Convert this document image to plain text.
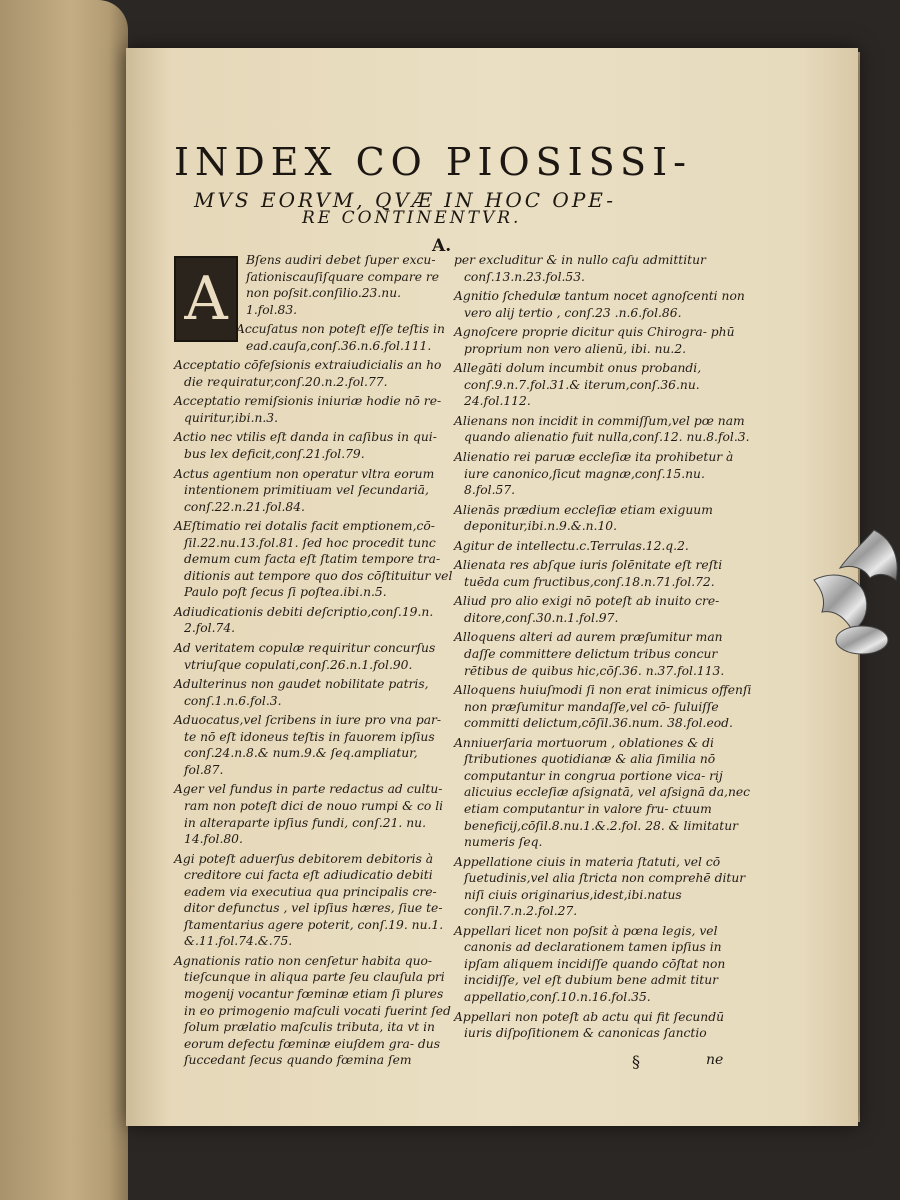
INDEX CO PIOSISSI-
MVS EORVM, QVÆ IN HOC OPE-
RE CONTINENTVR.
A.
A
Bſens audiri debet ſuper excu- ſationiscauſiſquare compare re non poſsit.conſilio.23.nu. 1.fol.83.
Accuſatus non poteſt eſſe teſtis in ead.cauſa,conſ.36.n.6.fol.111.
Acceptatio cōfeſsionis extraiudicialis an ho die requiratur,conſ.20.n.2.fol.77.
Acceptatio remiſsionis iniuriæ hodie nō re- quiritur,ibi.n.3.
Actio nec vtilis eſt danda in caſibus in qui- bus lex deficit,conſ.21.fol.79.
Actus agentium non operatur vltra eorum intentionem primitiuam vel ſecundariā, conſ.22.n.21.fol.84.
AEſtimatio rei dotalis facit emptionem,cō- ſil.22.nu.13.fol.81. ſed hoc procedit tunc demum cum facta eſt ſtatim tempore tra- ditionis aut tempore quo dos cōſtituitur vel Paulo poſt ſecus ſi poſtea.ibi.n.5.
Adiudicationis debiti deſcriptio,conſ.19.n. 2.fol.74.
Ad veritatem copulæ requiritur concurſus vtriuſque copulati,conſ.26.n.1.fol.90.
Adulterinus non gaudet nobilitate patris, conſ.1.n.6.fol.3.
Aduocatus,vel ſcribens in iure pro vna par- te nō eſt idoneus teſtis in fauorem ipſius conſ.24.n.8.& num.9.& ſeq.ampliatur, fol.87.
Ager vel fundus in parte redactus ad cultu- ram non poteſt dici de nouo rumpi & co li in alteraparte ipſius fundi, conſ.21. nu. 14.fol.80.
Agi poteſt aduerſus debitorem debitoris à creditore cui facta eſt adiudicatio debiti eadem via executiua qua principalis cre- ditor defunctus , vel ipſius hæres, ſiue te- ſtamentarius agere poterit, conſ.19. nu.1. &.11.fol.74.&.75.
Agnationis ratio non cenſetur habita quo- tieſcunque in aliqua parte ſeu clauſula pri mogenij vocantur fœminæ etiam ſi plures in eo primogenio maſculi vocati fuerint ſed ſolum prælatio maſculis tributa, ita vt in eorum defectu fœminæ eiuſdem gra- dus ſuccedant ſecus quando fœmina ſem
per excluditur & in nullo caſu admittitur conſ.13.n.23.fol.53.
Agnitio ſchedulæ tantum nocet agnoſcenti non vero alij tertio , conſ.23 .n.6.fol.86.
Agnoſcere proprie dicitur quis Chirogra- phū proprium non vero alienū, ibi. nu.2.
Allegāti dolum incumbit onus probandi, conſ.9.n.7.fol.31.& iterum,conſ.36.nu. 24.fol.112.
Alienans non incidit in commiſſum,vel pœ nam quando alienatio fuit nulla,conſ.12. nu.8.fol.3.
Alienatio rei paruæ eccleſiæ ita prohibetur à iure canonico,ſicut magnæ,conſ.15.nu. 8.fol.57.
Alienās prædium eccleſiæ etiam exiguum deponitur,ibi.n.9.&.n.10.
Agitur de intellectu.c.Terrulas.12.q.2.
Alienata res abſque iuris ſolēnitate eſt reſti tuēda cum fructibus,conſ.18.n.71.fol.72.
Aliud pro alio exigi nō poteſt ab inuito cre- ditore,conſ.30.n.1.fol.97.
Alloquens alteri ad aurem præſumitur man daſſe committere delictum tribus concur rētibus de quibus hic,cōſ.36. n.37.fol.113.
Alloquens huiuſmodi ſi non erat inimicus offenſi non præſumitur mandaſſe,vel cō- ſuluiſſe committi delictum,cōſil.36.num. 38.fol.eod.
Anniuerſaria mortuorum , oblationes & di ſtributiones quotidianæ & alia ſimilia nō computantur in congrua portione vica- rij alicuius eccleſiæ aſsignatā, vel aſsignā da,nec etiam computantur in valore fru- ctuum beneficij,cōſil.8.nu.1.&.2.fol. 28. & limitatur numeris ſeq.
Appellatione ciuis in materia ſtatuti, vel cō ſuetudinis,vel alia ſtricta non comprehē ditur niſi ciuis originarius,idest,ibi.natus conſil.7.n.2.fol.27.
Appellari licet non poſsit à pœna legis, vel canonis ad declarationem tamen ipſius in ipſam aliquem incidiſſe quando cōſtat non incidiſſe, vel eſt dubium bene admit titur appellatio,conſ.10.n.16.fol.35.
Appellari non poteſt ab actu qui fit ſecundū iuris diſpoſitionem & canonicas ſanctio
§	ne
